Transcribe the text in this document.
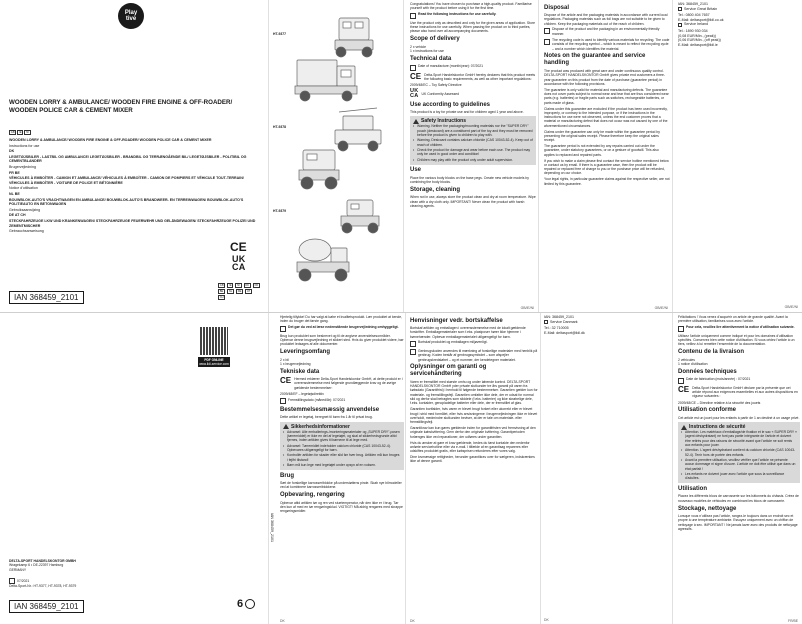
Play
tive
WOODEN LORRY & AMBULANCE/ WOODEN FIRE ENGINE & OFF-ROADER/ WOODEN POLICE CAR & CEMENT MIXER
GB IE NI
WOODEN LORRY & AMBULANCE/ WOODEN FIRE ENGINE & OFF-ROADER/ WOODEN POLICE CAR & CEMENT MIXER
Instructions for use
DK
LEGETØJSBILER - LASTBIL OG AMBULANCE/ LEGETØJSBILER - BRANDBIL OG TERRÆNGÅENDE BIL/ LEGETØJSBILER - POLITIBIL OG CEMENTBLANDER
Brugervejledning
FR BE
VÉHICULES À EMBOÎTER - CAMION ET AMBULANCE/ VÉHICULES À EMBOÎTER - CAMION DE POMPIERS ET VÉHICULE TOUT-TERRAIN/ VÉHICULES À EMBOÎTER - VOITURE DE POLICE ET BÉTONNIÈRE
Notice d'utilisation
NL BE
BOUWBLOK-AUTO'S VRACHTWAGEN EN AMBULANCE/ BOUWBLOK-AUTO'S BRANDWEER- EN TERREINWAGEN/ BOUWBLOK-AUTO'S POLITIEAUTO EN BETONWAGEN
Gebruiksaanwijzing
DE AT CH
STECKFAHRZEUGE LKW UND KRANKENWAGEN/ STECKFAHRZEUGE FEUERWEHR UND GELÄNDEWAGEN/ STECKFAHRZEUGE POLIZEI UND ZEMENTMISCHER
Gebrauchsanweisung
CE
UK
CA
GB	IE	NI	DK	FR
BE	NL	DE	AT
CH
IAN 368459_2101
HT-9377
HT-9378
HT-9379

Congratulations! You have chosen to purchase a high-quality product. Familiarise yourself with the product before using it for the first time.

Read the following instructions for use carefully.

Use the product only as described and only for the given areas of application. Store these instructions for use carefully. When passing the product on to third parties, please also hand over all accompanying documents.

Scope of delivery
2 x vehicle
1 x instructions for use
Technical data
Date of manufacture (month/year): 07/2021
CE Delta-Sport Handelskontor GmbH hereby declares that this product meets the following basic requirements, as well as other important regulations:

2009/48/EC – Toy Safety Directive

UK
CA UK Conformity Assessed
Use according to guidelines

This product is a toy for private use and for children aged 1 year and above.

Safety Instructions
• Warning. Neither the packaging/mounting materials nor the "SUPER DRY" pouch (desiccant) are a constituent part of the toy and they must be removed before the product is given to children to play with.
• Warning. Desiccant contains calcium chloride (CAS 10043-52-4). Keep out of reach of children.
• Check the product for damage and wear before each use. The product may only be used in good order and condition!
• Children may play with the product only under adult supervision.
Use

Place the various body blocks on the base pegs. Create new vehicle models by combining the body blocks.

Storage, cleaning

When not in use, always store the product clean and dry at room temperature. Wipe clean with a dry cloth only. IMPORTANT! Never clean the product with harsh cleaning agents.

GB/IE/NI
Disposal

Dispose of the article and the packaging materials in accordance with current local regulations. Packaging materials such as foil bags are not suitable to be given to children. Keep the packaging materials out of the reach of children.

Dispose of the product and the packaging in an environmentally friendly manner.
The recycling code is used to identify various materials for recycling. The code consists of the recycling symbol – which is meant to reflect the recycling cycle – and a number which identifies the material.
Notes on the guarantee and service handling

The product was produced with great care and under continuous quality control. DELTA-SPORT HANDELSKONTOR GmbH gives private end customers a three-year guarantee on this product from the date of purchase (guarantee period) in accordance with the following provisions.

The guarantee is only valid for material and manufacturing defects. The guarantee does not cover parts subject to normal wear and tear that are thus considered wear parts (e.g. batteries) or fragile parts such as switches, rechargeable batteries, or parts made of glass.

Claims under this guarantee are excluded if the product has been used incorrectly, improperly, or contrary to the intended purpose, or if the instructions in the instructions for use were not observed, unless the end customer proves that a material or manufacturing defect that does not occur was not caused by one of the aforementioned circumstances.

Claims under the guarantee can only be made within the guarantee period by presenting the original sales receipt. Please therefore keep the original sales receipt.

The guarantee period is not extended by any repairs carried out under the guarantee, under statutory guarantees, or on a gesture of goodwill. This also applies to replaced and repaired parts.

If you wish to make a claim please first contact the service hotline mentioned below or contact us by email. If there is a guarantee case, then the product will be repaired or replaced free of charge to you or the purchase price will be refunded, depending on our choice.

Your legal rights, in particular guarantee claims against the respective seller, are not limited by this guarantee.

GB/IE/NI
IAN: 368459_2101
Service Great Britain
Tel.: 0800 404 7657
E-Mail: deltasport@lidl.co.uk
Service Ireland
Tel.: 1890 930 034
(0,08 EUR/Min., (peak))
(0,06 EUR/Min., (off peak))
E-Mail: deltasport@lidl.ie
GB/IE/NI
PDF ONLINE
www.lidl-service.com
DELTA-SPORT HANDELSKONTOR GMBH
Wragekamp 6 • DE-22397 Hamburg
GERMANY
07/2021
Delta-Sport-Nr.: HT-9377, HT-9378, HT-9379
IAN 368459_2101	6
IAN 368459_2101

Hjertelig tillykke! Du har valgt at købe et kvalitetsprodukt. Lær produktet at kende, inden du bruger det første gang.

Det gør du ved at læse nedenstående brugervejledning omhyggeligt.

Brug kun produktet som beskrevet og til de angivne anvendelsesområder. Opbevar denne brugsvejledning et sikkert sted. Hvis du giver produktet videre, bør produktet ledsages af alle dokumenter.

Leveringsomfang
2 x bil
1 x brugervejledning
Tekniske data
CE Hermed erklærer Delta-Sport Handelskontor GmbH, at dette produkt er i overensstemmelse med følgende grundlæggende krav og de øvrige gældende bestemmelser:

2009/48/EF – legetøjsdirektiv

Fremstillingsdato (måned/år): 07/2021
Bestemmelsesmæssig anvendelse

Dette artikel er legetøj, beregnet til børn fra 1 år til privat brug.

Sikkerhedsinformationer
• Advarsel: Alle emballerings-/monteringsmaterialer og „SUPER DRY"-posen (tørremiddel) er ikke en del af legetøjet, og skal af sikkerhedsgrunde altid fjernes, inden artiklen gives til børnene til at lege med.
• Advarsel: Tørremidlet indeholder calcium chloride (CAS 10043-52-4). Opbevares utilgængeligt for børn.
• Kontrollér artiklen for skader eller slid før hver brug. Artiklen må kun bruges i fejlfri tilstand!
• Børn må kun lege med legetøjet under opsyn af en voksen.
Brug

Sæt de forskellige karrosseriblokke på understøttens pinde. Skab nye bilmodeller ved at kombinere karrosseriblokkene.

Opbevaring, rengøring

Opbevar altid artiklen tør og ren ved stuetemperatur, når den ikke er i brug. Tør den kun af med en tør rengøringsklud. VIGTIGT! Må aldrig rengøres med skrappe rengøringsmidler.

DK
Henvisninger vedr. bortskaffelse

Bortskaf artiklen og emballagen i overensstemmelse med de lokalt gældende forskrifter. Emballagematerialer som f.eks. plastposer hører ikke hjemme i børnehænder. Opbevar emballagematerialet utilgængeligt for børn.

Bortskaf produktet og emballagen miljøvenligt.
Genbrugskoden anvendes til mærkning af forskellige materialer med henblik på genbrug. Koden består af genbrugssymbolet – som afspejler genbrugskredsløbet – og et nummer, der kendetegner materialet.
Oplysninger om garanti og servicehåndtering

Varen er fremstillet med største omhu og under løbende kontrol. DELTA-SPORT HANDELSKONTOR GmbH yder private slutkunder tre års garanti på varen fra købsdato (Garantifrist) i henhold til følgende bestemmelser. Garantien gælder kun for materiale- og fremstillingsfejl. Garantien omfatter ikke dele, der er udsat for normal slid og derfor skal betragtes som sliddele (f.eks. batterier) og ikke skrøbelige dele, f.eks. kontakter, genopladelige batterier eller dele, der er fremstillet af glas.

Garantien bortfalder, hvis varen er blevet brugt forkert eller ukorrekt eller er blevet brugt i strid med formålet, eller hvis anvisningerne i brugervejledningen ikke er blevet overholdt, medmindre slutkunden beviser, at der er tale om materiale- eller fremstillingsfejl.

Garantikrav kan kun gøres gældende inden for garantifristen ved fremvisning af den originale købskvittering. Gem derfor den originale kvittering. Garantiperioden forlænges ikke ved reparationer, der udføres under garantien.

Hvis du ønsker at gøre et krav gældende, bedes du først kontakte den nedenfor anførte servicehotline eller via e-mail. I tilfælde af en garantisag repareres eller udskiftes produktet gratis, eller købsprisen refunderes efter vores valg.

Dine lovmæssige rettigheder, herunder garantikrav over for sælgeren, indskrænkes ikke af denne garanti.

DK
IAN: 368459_2101
Service Danmark
Tel.: 32 710005
E-Mail: deltasport@lidl.dk
DK

Félicitations ! Vous venez d'acquérir un article de grande qualité. Avant la première utilisation, familiarisez-vous avec l'article.

Pour cela, veuillez lire attentivement la notice d'utilisation suivante.

Utilisez l'article uniquement comme indiqué et pour les domaines d'utilisation spécifiés. Conservez bien cette notice d'utilisation. Si vous cédez l'article à un tiers, veillez à lui remettre l'ensemble de la documentation.

Contenu de la livraison
2 véhicules
1 notice d'utilisation
Données techniques
Date de fabrication (mois/année) : 07/2021
CE Delta-Sport Handelskontor GmbH déclare par la présente que cet article répond aux exigences essentielles et aux autres dispositions en vigueur suivantes :

2009/48/CE – Directive relative à la sécurité des jouets

Utilisation conforme

Cet article est un jouet pour les enfants à partir de 1 an destiné à un usage privé.

Instructions de sécurité
• Attention. Les matériaux d'emballage/de fixation et le sac « SUPER DRY » (agent déshydratant) ne font pas partie intégrante de l'article et doivent être retirés pour des raisons de sécurité avant que l'article ne soit remis aux enfants pour jouer.
• Attention. L'agent déshydratant contient du calcium chloride (CAS 10043-52-4). Tenir hors de portée des enfants.
• Avant la première utilisation, veuillez vérifier que l'article ne présente aucun dommage ni signe d'usure. L'article ne doit être utilisé que dans un état parfait !
• Les enfants ne doivent jouer avec l'article que sous la surveillance d'adultes.
Utilisation

Placez les différents blocs de carrosserie sur les bâtonnets du châssis. Créez de nouveaux modèles de véhicules en combinant les blocs de carrosserie.

Stockage, nettoyage

Lorsque vous n'utilisez pas l'article, rangez-le toujours dans un endroit sec et propre à une température ambiante. Essuyez uniquement avec un chiffon de nettoyage à sec. IMPORTANT ! Ne jamais laver avec des produits de nettoyage agressifs.

FR/BE
